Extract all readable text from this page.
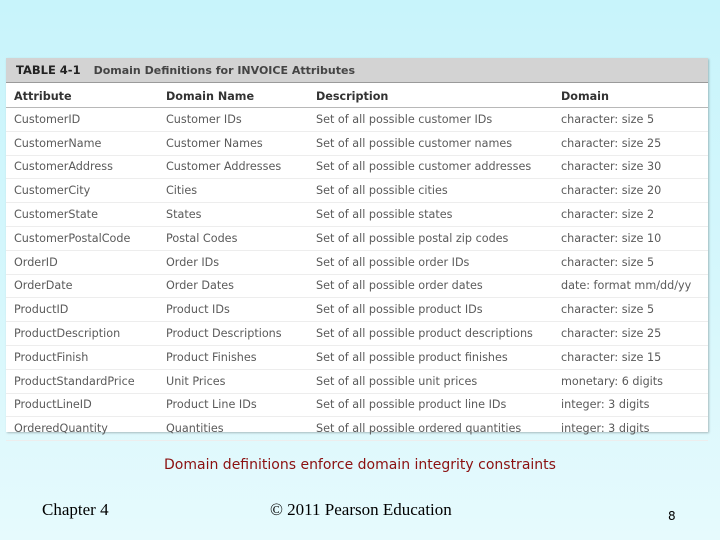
TABLE 4-1 Domain Definitions for INVOICE Attributes
Attribute	Domain Name	Description	Domain
CustomerID	Customer IDs	Set of all possible customer IDs	character: size 5
CustomerName	Customer Names	Set of all possible customer names	character: size 25
CustomerAddress	Customer Addresses	Set of all possible customer addresses	character: size 30
CustomerCity	Cities	Set of all possible cities	character: size 20
CustomerState	States	Set of all possible states	character: size 2
CustomerPostalCode	Postal Codes	Set of all possible postal zip codes	character: size 10
OrderID	Order IDs	Set of all possible order IDs	character: size 5
OrderDate	Order Dates	Set of all possible order dates	date: format mm/dd/yy
ProductID	Product IDs	Set of all possible product IDs	character: size 5
ProductDescription	Product Descriptions	Set of all possible product descriptions	character: size 25
ProductFinish	Product Finishes	Set of all possible product finishes	character: size 15
ProductStandardPrice	Unit Prices	Set of all possible unit prices	monetary: 6 digits
ProductLineID	Product Line IDs	Set of all possible product line IDs	integer: 3 digits
OrderedQuantity	Quantities	Set of all possible ordered quantities	integer: 3 digits
Domain definitions enforce domain integrity constraints
Chapter 4	© 2011 Pearson Education	8
